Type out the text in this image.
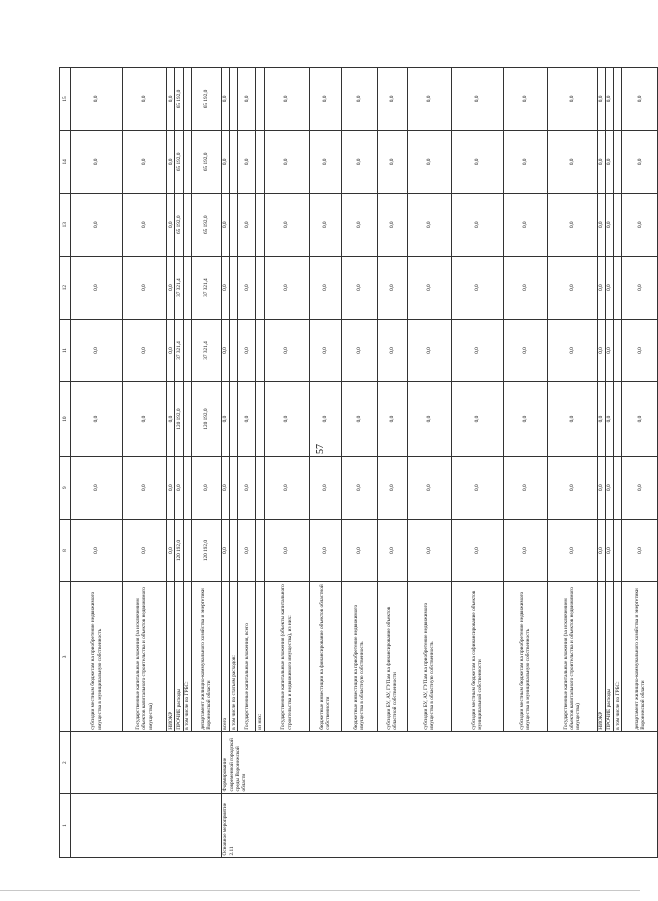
57
1	2	3	8	9	10	11	12	13	14	15
		субсидии местным бюджетам на приобретение недвижимого имущества в муниципальную собственность	0,0	0,0	0,0	0,0	0,0	0,0	0,0	0,0
		Государственные капитальные вложения (за исключением объектов капитального строительства и объектов недвижимого имущества)	0,0	0,0	0,0	0,0	0,0	0,0	0,0	0,0
		НИОКР	0,0	0,0	0,0	0,0	0,0	0,0	0,0	0,0
		ПРОЧИЕ расходы	120 192,0	0,0	120 192,0	37 321,4	37 321,4	65 192,0	65 192,0	65 192,0
		в том числе по ГРБС:								
		департамент жилищно-коммунального хозяйства и энергетики Воронежской области	120 192,0	0,0	120 192,0	37 321,4	37 321,4	65 192,0	65 192,0	65 192,0
Основное мероприятие 2.11	Формирование современной городской среды Воронежской области	всего	0,0	0,0	0,0	0,0	0,0	0,0	0,0	0,0
		в том числе по статьям расходов:								
		Государственные капитальные вложения, всего	0,0	0,0	0,0	0,0	0,0	0,0	0,0	0,0
		из них:								
		Государственные капитальные вложения (объекты капитального строительства и недвижимого имущества), из них:	0,0	0,0	0,0	0,0	0,0	0,0	0,0	0,0
		бюджетные инвестиции на финансирование объектов областной собственности	0,0	0,0	0,0	0,0	0,0	0,0	0,0	0,0
		бюджетные инвестиции на приобретение недвижимого имущества в областную собственность	0,0	0,0	0,0	0,0	0,0	0,0	0,0	0,0
		субсидии БУ, АУ, ГУПам на финансирование объектов областной собственности	0,0	0,0	0,0	0,0	0,0	0,0	0,0	0,0
		субсидии БУ, АУ, ГУПам на приобретение недвижимого имущества в областную собственность	0,0	0,0	0,0	0,0	0,0	0,0	0,0	0,0
		субсидии местным бюджетам на софинансирование объектов муниципальной собственности	0,0	0,0	0,0	0,0	0,0	0,0	0,0	0,0
		субсидии местным бюджетам на приобретение недвижимого имущества в муниципальную собственность	0,0	0,0	0,0	0,0	0,0	0,0	0,0	0,0
		Государственные капитальные вложения (за исключением объектов капитального строительства и объектов недвижимого имущества)	0,0	0,0	0,0	0,0	0,0	0,0	0,0	0,0
		НИОКР	0,0	0,0	0,0	0,0	0,0	0,0	0,0	0,0
		ПРОЧИЕ расходы	0,0	0,0	0,0	0,0	0,0	0,0	0,0	0,0
		в том числе по ГРБС:								
		департамент жилищно-коммунального хозяйства и энергетики Воронежской области	0,0	0,0	0,0	0,0	0,0	0,0	0,0	0,0
